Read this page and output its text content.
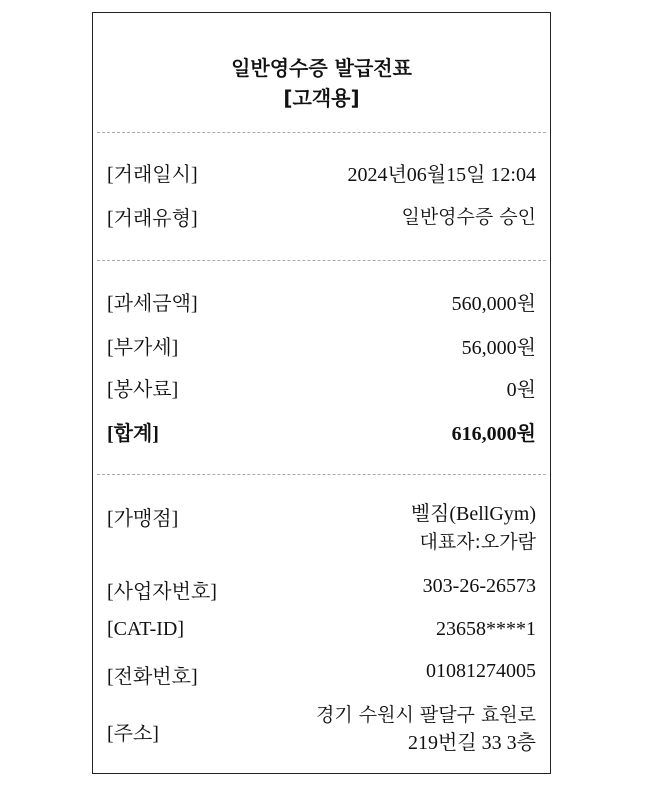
일반영수증 발급전표
[고객용]
[거래일시]	2024년06월15일 12:04
[거래유형]	일반영수증 승인
[과세금액]	560,000원
[부가세]	56,000원
[봉사료]	0원
[합계]	616,000원
[가맹점]	벨짐(BellGym)
대표자:오가람
[사업자번호]	303-26-26573
[CAT-ID]	23658****1
[전화번호]	01081274005
[주소]
경기 수원시 팔달구 효원로
219번길 33 3층
